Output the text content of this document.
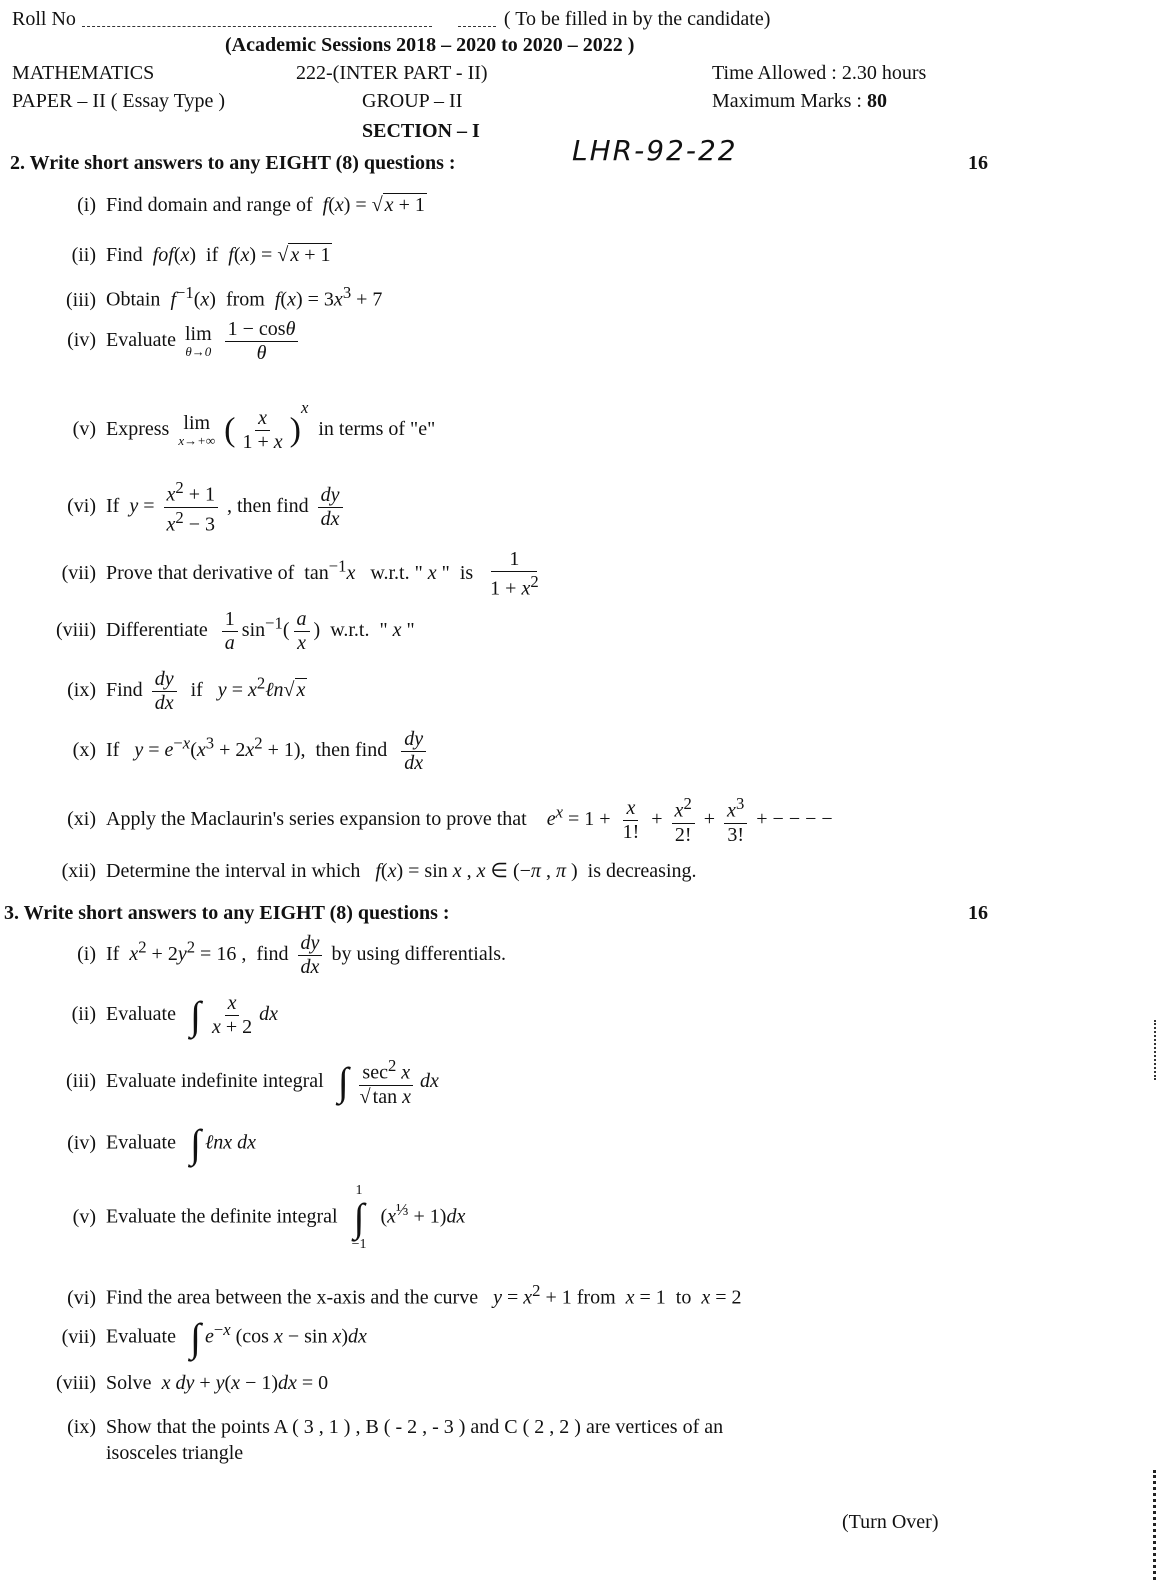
Roll No	( To be filled in by the candidate)
(Academic Sessions 2018 – 2020 to 2020 – 2022 )
MATHEMATICS	222-(INTER PART - II)	Time Allowed : 2.30 hours
PAPER – II ( Essay Type )	GROUP – II	Maximum Marks : 80
SECTION – I
LHR-92-22
2. Write short answers to any EIGHT (8) questions :	16
(i) Find domain and range of f(x) = √ x + 1
(ii) Find fof(x)  if  f(x) = √ x + 1
(iii) Obtain $f^{-1}(x)$  from  $f(x) = 3x^3 + 7$
(iv) Evaluate lim
θ→0
$\frac{1 - \cos\theta}{\theta}$
(v) Express lim
x→+∞ ( $\frac{x}{1 + x} )^x$  in terms of "e"
(vi) If $y = \frac{x^2 + 1}{x^2 - 3}$ , then find $\frac{dy}{dx}$
(vii) Prove that derivative of  $\tan^{-1}x$   w.r.t. " x "  is $\frac{1}{1 + x^2}$
(viii) Differentiate $\frac{1}{a} \sin^{-1}( \frac{a}{x}$ )  w.r.t.  " x "
(ix) Find $\frac{dy}{dx}$ if   $y = x^2\ell n√$ x
(x) If $y = e^{-x}(x^3 + 2x^2 + 1)$,  then find $\frac{dy}{dx}$
(xi) Apply the Maclaurin's series expansion to prove that $e^x = 1 + \frac{x}{1!} + \frac{x^2}{2!} + \frac{x^3}{3!}$ + − − − −
(xii) Determine the interval in which f(x) = sin x , x ∈ (−π , π )  is decreasing.
3. Write short answers to any EIGHT (8) questions :	16
(i) If $x^2 + 2y^2 = 16$ ,  find $\frac{dy}{dx}$ by using differentials.
(ii) Evaluate ∫ $\frac{x}{x + 2}$ dx
(iii) Evaluate indefinite integral ∫ $\frac{\sec^2 x}{\text{√ tan x}}$ dx
(iv) Evaluate ∫ ℓnx dx
(v) Evaluate the definite integral
1
∫
−1
$(x^{\frac{1}{3}} + 1)dx$
(vi) Find the area between the x-axis and the curve $y = x^2 + 1$ from  x = 1  to  x = 2
(vii) Evaluate ∫ $e^{-x}$ (cos x − sin x)dx
(viii) Solve x dy + y(x − 1)dx = 0
(ix) Show that the points A ( 3 , 1 ) , B ( - 2 , - 3 ) and C ( 2 , 2 ) are vertices of an
isosceles triangle
(Turn Over)
